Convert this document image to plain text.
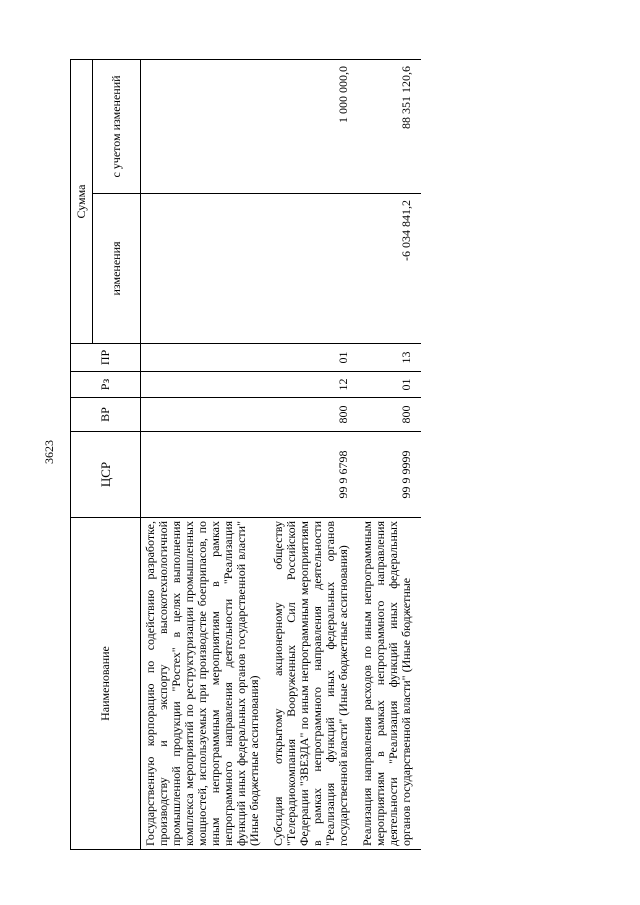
3623
Наименование	ЦСР	ВР	Рз	ПР	Сумма	
					изменения	с учетом изменений
Государственную корпорацию по содействию разработке, производству и экспорту высокотехнологичной промышленной продукции "Ростех" в целях выполнения комплекса мероприятий по реструктуризации промышленных мощностей, используемых при производстве боеприпасов, по иным непрограммным мероприятиям в рамках непрограммного направления деятельности "Реализация функций иных федеральных органов государственной власти" (Иные бюджетные ассигнования)						
Субсидия открытому акционерному обществу "Телерадиокомпания Вооруженных Сил Российской Федерации "ЗВЕЗДА" по иным непрограммным мероприятиям в рамках непрограммного направления деятельности "Реализация функций иных федеральных органов государственной власти" (Иные бюджетные ассигнования)	99 9 6798	800	12	01		1 000 000,0
Реализация направления расходов по иным непрограммным мероприятиям в рамках непрограммного направления деятельности "Реализация функций иных федеральных органов государственной власти" (Иные бюджетные	99 9 9999	800	01	13	-6 034 841,2	88 351 120,6
